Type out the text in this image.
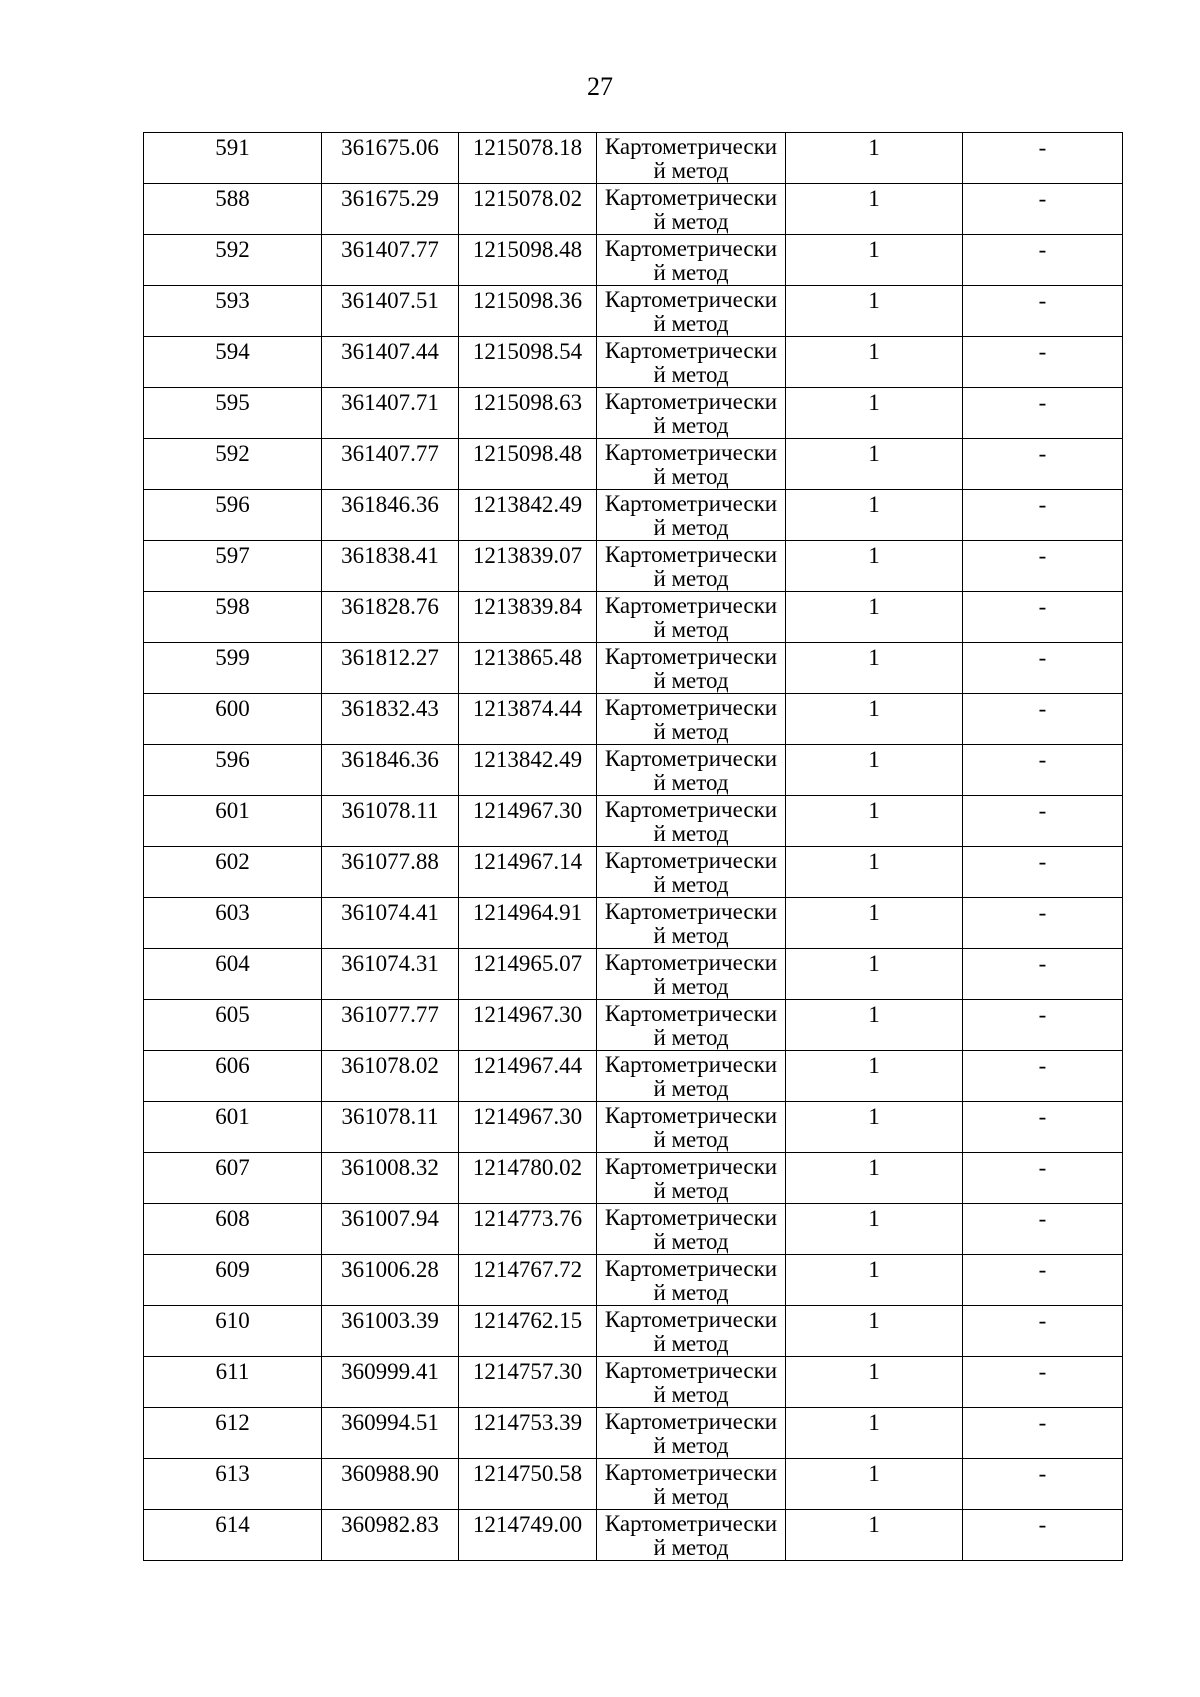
27
591	361675.06	1215078.18	Картометрически
й метод	1	-

588	361675.29	1215078.02	Картометрически
й метод	1	-

592	361407.77	1215098.48	Картометрически
й метод	1	-

593	361407.51	1215098.36	Картометрически
й метод	1	-

594	361407.44	1215098.54	Картометрически
й метод	1	-

595	361407.71	1215098.63	Картометрически
й метод	1	-

592	361407.77	1215098.48	Картометрически
й метод	1	-

596	361846.36	1213842.49	Картометрически
й метод	1	-

597	361838.41	1213839.07	Картометрически
й метод	1	-

598	361828.76	1213839.84	Картометрически
й метод	1	-

599	361812.27	1213865.48	Картометрически
й метод	1	-

600	361832.43	1213874.44	Картометрически
й метод	1	-

596	361846.36	1213842.49	Картометрически
й метод	1	-

601	361078.11	1214967.30	Картометрически
й метод	1	-

602	361077.88	1214967.14	Картометрически
й метод	1	-

603	361074.41	1214964.91	Картометрически
й метод	1	-

604	361074.31	1214965.07	Картометрически
й метод	1	-

605	361077.77	1214967.30	Картометрически
й метод	1	-

606	361078.02	1214967.44	Картометрически
й метод	1	-

601	361078.11	1214967.30	Картометрически
й метод	1	-

607	361008.32	1214780.02	Картометрически
й метод	1	-

608	361007.94	1214773.76	Картометрически
й метод	1	-

609	361006.28	1214767.72	Картометрически
й метод	1	-

610	361003.39	1214762.15	Картометрически
й метод	1	-

611	360999.41	1214757.30	Картометрически
й метод	1	-

612	360994.51	1214753.39	Картометрически
й метод	1	-

613	360988.90	1214750.58	Картометрически
й метод	1	-

614	360982.83	1214749.00	Картометрически
й метод	1	-
